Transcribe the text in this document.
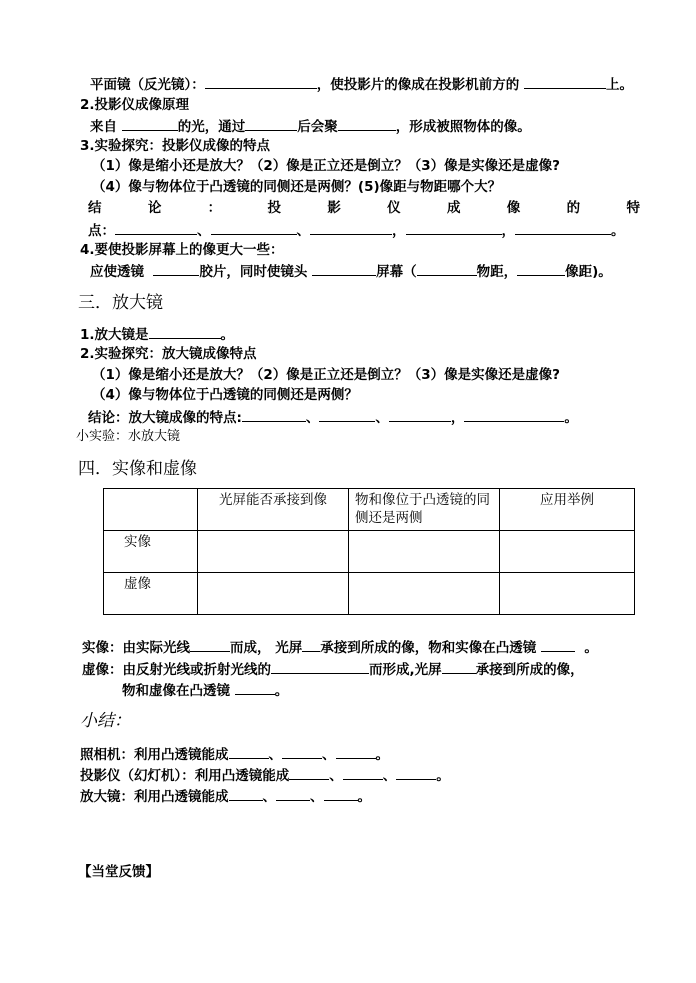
平面镜（反光镜）：	，使投影片的像成在投影机前方的	上。
2.投影仪成像原理
来自	的光，通过	后会聚	，形成被照物体的像。
3.实验探究：投影仪成像的特点
（1）像是缩小还是放大？（2）像是正立还是倒立？（3）像是实像还是虚像?
（4）像与物体位于凸透镜的同侧还是两侧？(5)像距与物距哪个大？
结	论	：	投	影	仪	成	像	的	特
点：	、	、	，	，	。
4.要使投影屏幕上的像更大一些：
应使透镜	胶片，同时使镜头	屏幕（	物距，	像距)。
三．放大镜
1.放大镜是	。
2.实验探究：放大镜成像特点
（1）像是缩小还是放大？（2）像是正立还是倒立？（3）像是实像还是虚像?
（4）像与物体位于凸透镜的同侧还是两侧？
结论：放大镜成像的特点:	、	、	，	。
小实验：水放大镜
四．实像和虚像
	光屏能否承接到像	物和像位于凸透镜的同侧还是两侧	应用举例
实像			
虚像			
实像：由实际光线	而成， 光屏 承接到所成的像，物和实像在凸透镜	。
虚像：由反射光线或折射光线的	而形成,光屏	承接到所成的像，
物和虚像在凸透镜	。
小结：
照相机：利用凸透镜能成	、	、	。
投影仪（幻灯机）：利用凸透镜能成	、	、	。
放大镜：利用凸透镜能成	、	、	。
【当堂反馈】
